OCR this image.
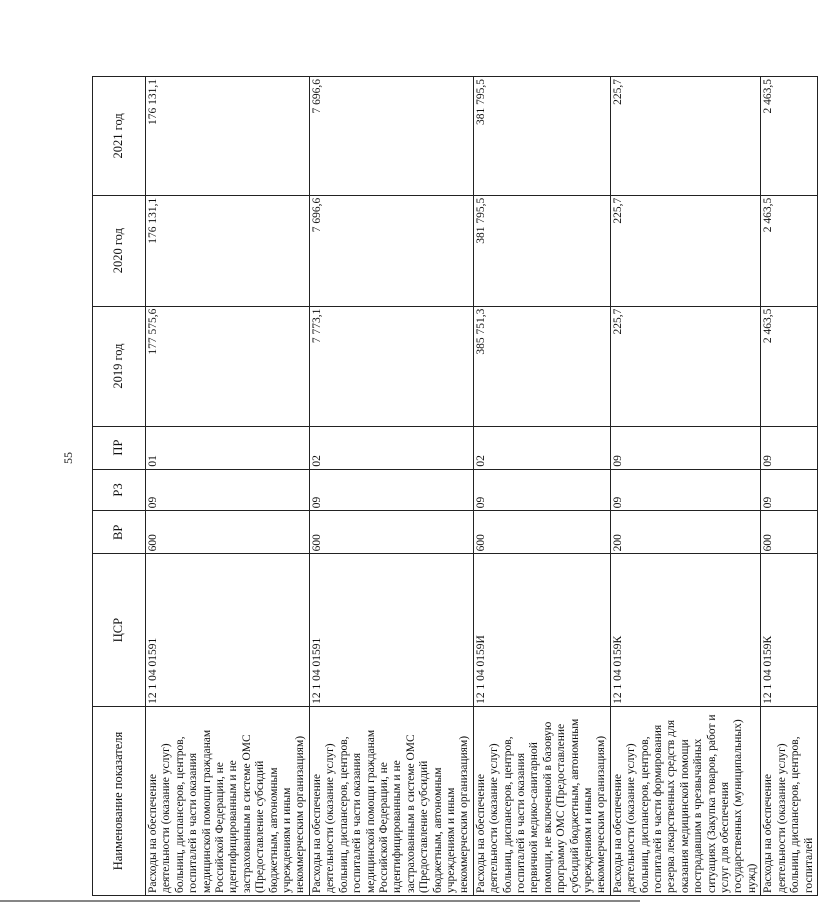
55
Наименование показателя	ЦСР	ВР	РЗ	ПР	2019 год	2020 год	2021 год
Расходы на обеспечение деятельности (оказание услуг) больниц, диспансеров, центров, госпиталей в части оказания медицинской помощи гражданам Российской Федерации, не идентифицированным и не застрахованным в системе ОМС (Предоставление субсидий бюджетным, автономным учреждениям и иным некоммерческим организациям)	12 1 04 01591	600	09	01	177 575,6	176 131,1	176 131,1
Расходы на обеспечение деятельности (оказание услуг) больниц, диспансеров, центров, госпиталей в части оказания медицинской помощи гражданам Российской Федерации, не идентифицированным и не застрахованным в системе ОМС (Предоставление субсидий бюджетным, автономным учреждениям и иным некоммерческим организациям)	12 1 04 01591	600	09	02	7 773,1	7 696,6	7 696,6
Расходы на обеспечение деятельности (оказание услуг) больниц, диспансеров, центров, госпиталей в части оказания первичной медико-санитарной помощи, не включенной в базовую программу ОМС (Предоставление субсидий бюджетным, автономным учреждениям и иным некоммерческим организациям)	12 1 04 0159И	600	09	02	385 751,3	381 795,5	381 795,5
Расходы на обеспечение деятельности (оказание услуг) больниц, диспансеров, центров, госпиталей в части формирования резерва лекарственных средств для оказания медицинской помощи пострадавшим в чрезвычайных ситуациях (Закупка товаров, работ и услуг для обеспечения государственных (муниципальных) нужд)	12 1 04 0159К	200	09	09	225,7	225,7	225,7
Расходы на обеспечение деятельности (оказание услуг) больниц, диспансеров, центров, госпиталей	12 1 04 0159К	600	09	09	2 463,5	2 463,5	2 463,5
